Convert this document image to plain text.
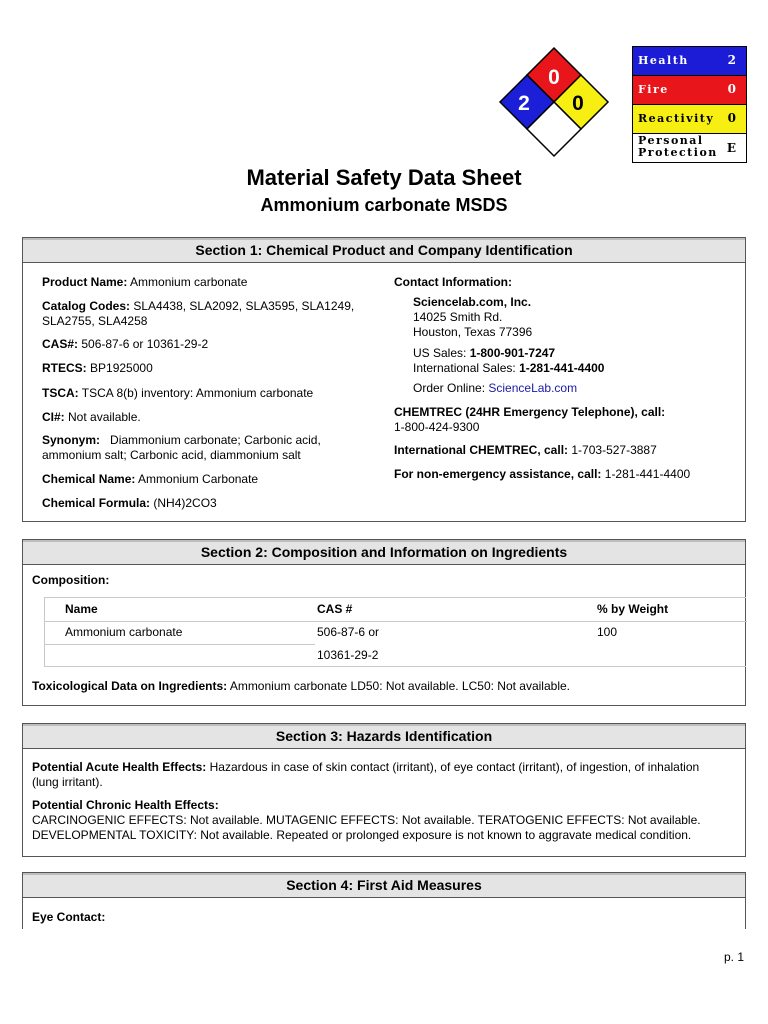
0
2 0
Health	2
Fire	0
Reactivity 0
Personal
Protection E
Material Safety Data Sheet
Ammonium carbonate MSDS
Section 1: Chemical Product and Company Identification
Product Name: Ammonium carbonate
Catalog Codes: SLA4438, SLA2092, SLA3595, SLA1249,
SLA2755, SLA4258
CAS#: 506-87-6 or 10361-29-2
RTECS: BP1925000
TSCA: TSCA 8(b) inventory: Ammonium carbonate
CI#: Not available.
Synonym: Diammonium carbonate; Carbonic acid,
ammonium salt; Carbonic acid, diammonium salt
Chemical Name: Ammonium Carbonate
Chemical Formula: (NH4)2CO3
Contact Information:
Sciencelab.com, Inc.
14025 Smith Rd.
Houston, Texas 77396
US Sales: 1-800-901-7247
International Sales: 1-281-441-4400
Order Online: ScienceLab.com
CHEMTREC (24HR Emergency Telephone), call:
1-800-424-9300
International CHEMTREC, call: 1-703-527-3887
For non-emergency assistance, call: 1-281-441-4400
Section 2: Composition and Information on Ingredients
Composition:
Name	CAS #	% by Weight
Ammonium carbonate	506-87-6 or	100
10361-29-2
Toxicological Data on Ingredients: Ammonium carbonate LD50: Not available. LC50: Not available.
Section 3: Hazards Identification
Potential Acute Health Effects: Hazardous in case of skin contact (irritant), of eye contact (irritant), of ingestion, of inhalation
(lung irritant).
Potential Chronic Health Effects:
CARCINOGENIC EFFECTS: Not available. MUTAGENIC EFFECTS: Not available. TERATOGENIC EFFECTS: Not available.
DEVELOPMENTAL TOXICITY: Not available. Repeated or prolonged exposure is not known to aggravate medical condition.
Section 4: First Aid Measures
Eye Contact:
p. 1
